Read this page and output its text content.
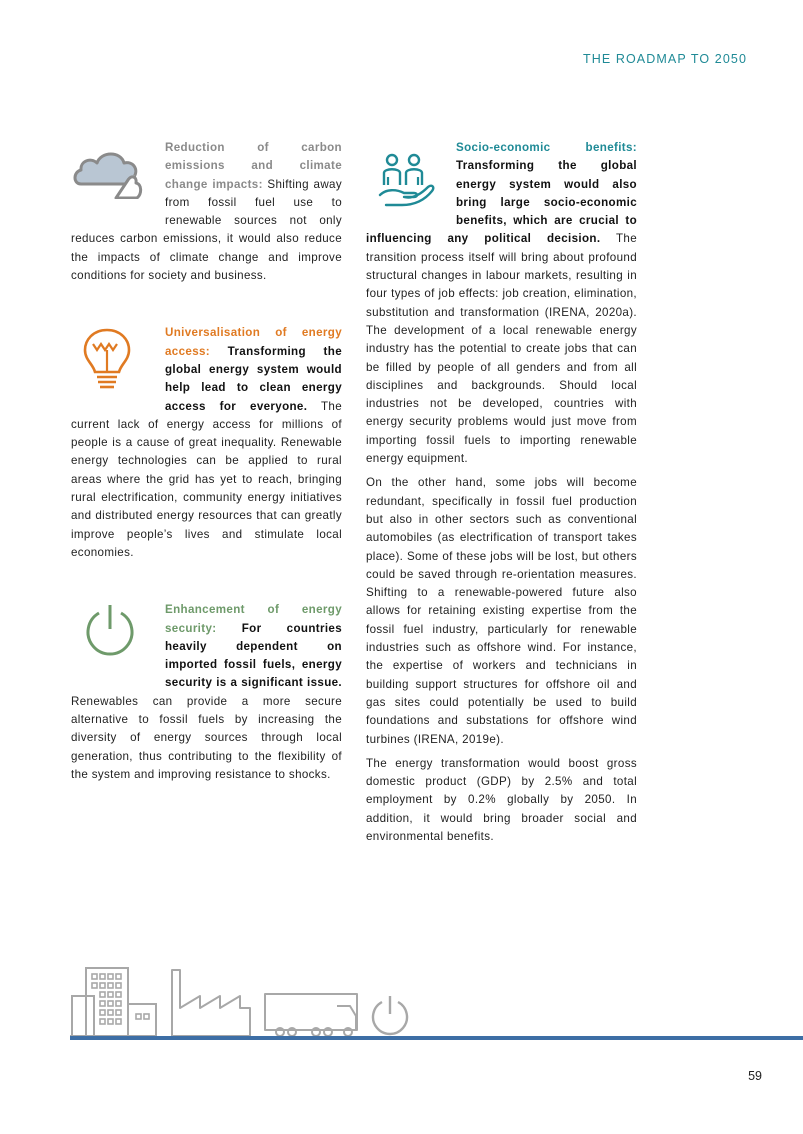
THE ROADMAP TO 2050

Reduction of carbon emissions and climate change impacts: Shifting away from fossil fuel use to renewable sources not only reduces carbon emissions, it would also reduce the impacts of climate change and improve conditions for society and business.

Universalisation of energy access: Transforming the global energy system would help lead to clean energy access for everyone. The current lack of energy access for millions of people is a cause of great inequality. Renewable energy technologies can be applied to rural areas where the grid has yet to reach, bringing rural electrification, community energy initiatives and distributed energy resources that can greatly improve people’s lives and stimulate local economies.

Enhancement of energy security: For countries heavily dependent on imported fossil fuels, energy security is a significant issue. Renewables can provide a more secure alternative to fossil fuels by increasing the diversity of energy sources through local generation, thus contributing to the flexibility of the system and improving resistance to shocks.

Socio-economic benefits: Transforming the global energy system would also bring large socio-economic benefits, which are crucial to influencing any political decision. The transition process itself will bring about profound structural changes in labour markets, resulting in four types of job effects: job creation, elimination, substitution and transformation (IRENA, 2020a). The development of a local renewable energy industry has the potential to create jobs that can be filled by people of all genders and from all disciplines and backgrounds. Should local industries not be developed, countries with energy security problems would just move from importing fossil fuels to importing renewable energy equipment.

On the other hand, some jobs will become redundant, specifically in fossil fuel production but also in other sectors such as conventional automobiles (as electrification of transport takes place). Some of these jobs will be lost, but others could be saved through re-orientation measures. Shifting to a renewable-powered future also allows for retaining existing expertise from the fossil fuel industry, particularly for renewable industries such as offshore wind. For instance, the expertise of workers and technicians in building support structures for offshore oil and gas sites could potentially be used to build foundations and substations for offshore wind turbines (IRENA, 2019e).

The energy transformation would boost gross domestic product (GDP) by 2.5% and total employment by 0.2% globally by 2050. In addition, it would bring broader social and environmental benefits.

59
